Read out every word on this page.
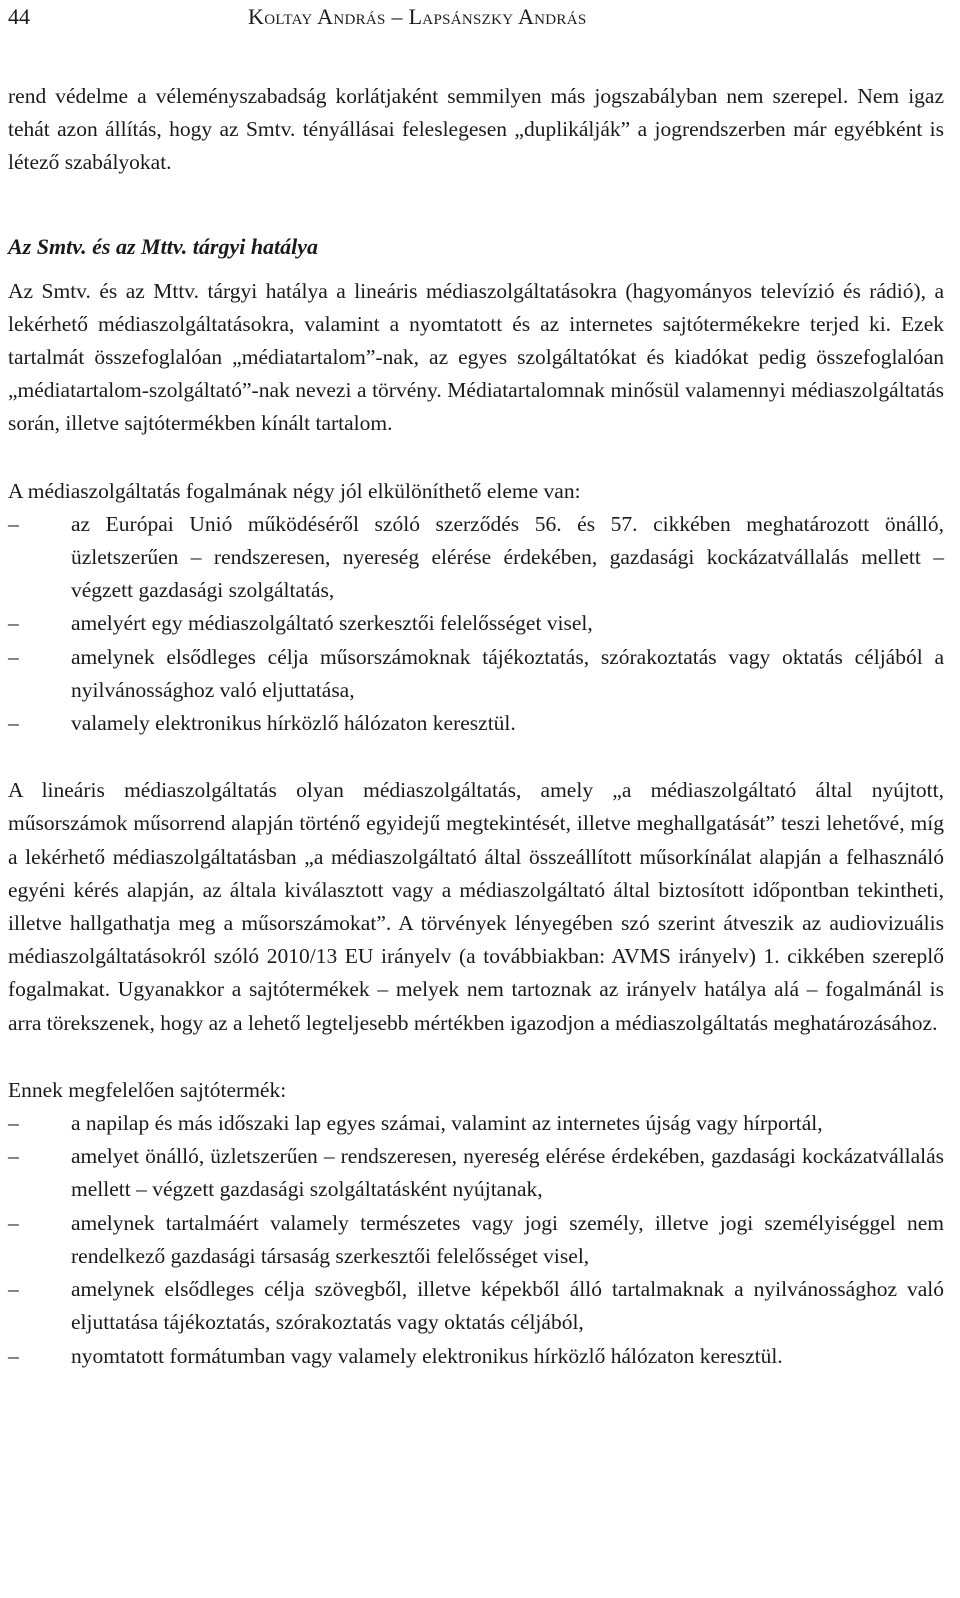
44	Koltay András – Lapsánszky András

rend védelme a véleményszabadság korlátjaként semmilyen más jogszabályban nem szerepel. Nem igaz tehát azon állítás, hogy az Smtv. tényállásai feleslegesen „duplikálják” a jogrendszerben már egyébként is létező szabályokat.

Az Smtv. és az Mttv. tárgyi hatálya

Az Smtv. és az Mttv. tárgyi hatálya a lineáris médiaszolgáltatásokra (hagyományos televízió és rádió), a lekérhető médiaszolgáltatásokra, valamint a nyomtatott és az internetes sajtótermékekre terjed ki. Ezek tartalmát összefoglalóan „médiatartalom”-nak, az egyes szolgáltatókat és kiadókat pedig összefoglalóan „médiatartalom-szolgáltató”-nak nevezi a törvény. Médiatartalomnak minősül valamennyi médiaszolgáltatás során, illetve sajtótermékben kínált tartalom.

A médiaszolgáltatás fogalmának négy jól elkülöníthető eleme van:

–	az Európai Unió működéséről szóló szerződés 56. és 57. cikkében meghatározott önálló, üzletszerűen – rendszeresen, nyereség elérése érdekében, gazdasági kockázatvállalás mellett – végzett gazdasági szolgáltatás,
–	amelyért egy médiaszolgáltató szerkesztői felelősséget visel,
–	amelynek elsődleges célja műsorszámoknak tájékoztatás, szórakoztatás vagy oktatás céljából a nyilvánossághoz való eljuttatása,
–	valamely elektronikus hírközlő hálózaton keresztül.

A lineáris médiaszolgáltatás olyan médiaszolgáltatás, amely „a médiaszolgáltató által nyújtott, műsorszámok műsorrend alapján történő egyidejű megtekintését, illetve meghallgatását” teszi lehetővé, míg a lekérhető médiaszolgáltatásban „a médiaszolgáltató által összeállított műsorkínálat alapján a felhasználó egyéni kérés alapján, az általa kiválasztott vagy a médiaszolgáltató által biztosított időpontban tekintheti, illetve hallgathatja meg a műsorszámokat”. A törvények lényegében szó szerint átveszik az audiovizuális médiaszolgáltatásokról szóló 2010/13 EU irányelv (a továbbiakban: AVMS irányelv) 1. cikkében szereplő fogalmakat. Ugyanakkor a sajtótermékek – melyek nem tartoznak az irányelv hatálya alá – fogalmánál is arra törekszenek, hogy az a lehető legteljesebb mértékben igazodjon a médiaszolgáltatás meghatározásához.

Ennek megfelelően sajtótermék:

–	a napilap és más időszaki lap egyes számai, valamint az internetes újság vagy hírportál,
–	amelyet önálló, üzletszerűen – rendszeresen, nyereség elérése érdekében, gazdasági kockázatvállalás mellett – végzett gazdasági szolgáltatásként nyújtanak,
–	amelynek tartalmáért valamely természetes vagy jogi személy, illetve jogi személyiséggel nem rendelkező gazdasági társaság szerkesztői felelősséget visel,
–	amelynek elsődleges célja szövegből, illetve képekből álló tartalmaknak a nyilvánossághoz való eljuttatása tájékoztatás, szórakoztatás vagy oktatás céljából,
–	nyomtatott formátumban vagy valamely elektronikus hírközlő hálózaton keresztül.
